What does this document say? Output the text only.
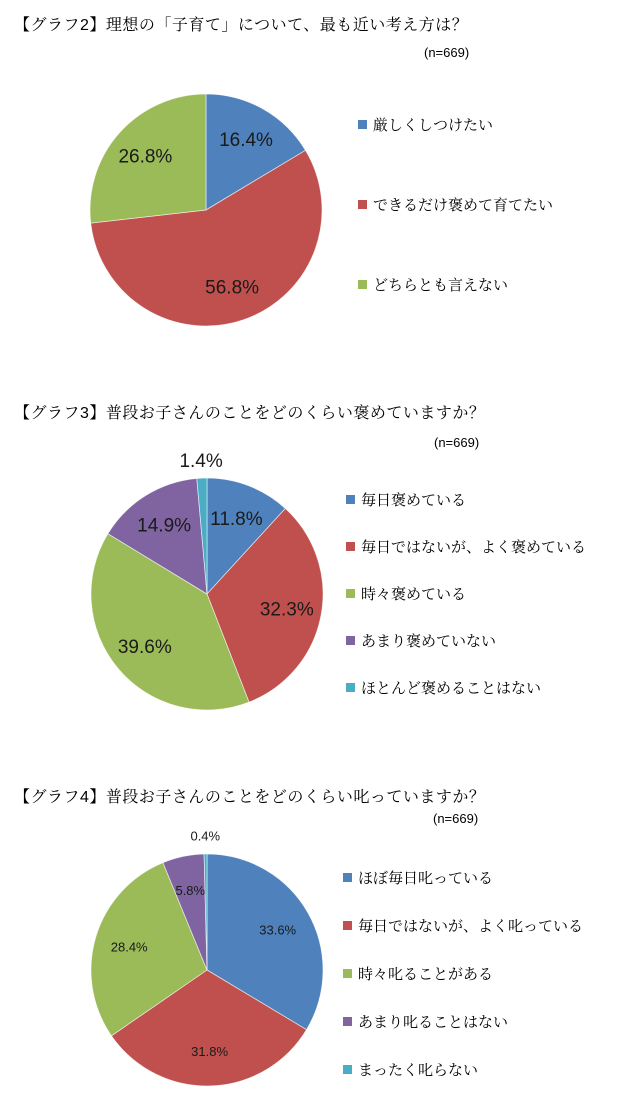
【グラフ2】理想の「子育て」について、最も近い考え方は？
(n=669)
16.4%
56.8%
26.8%
厳しくしつけたい
できるだけ褒めて育てたい
どちらとも言えない
【グラフ3】普段お子さんのことをどのくらい褒めていますか？
(n=669)
11.8%
32.3%
39.6%
14.9%
1.4%
毎日褒めている
毎日ではないが、よく褒めている
時々褒めている
あまり褒めていない
ほとんど褒めることはない
【グラフ4】普段お子さんのことをどのくらい叱っていますか？
(n=669)
33.6%
31.8%
28.4%
5.8%
0.4%
ほぼ毎日叱っている
毎日ではないが、よく叱っている
時々叱ることがある
あまり叱ることはない
まったく叱らない
